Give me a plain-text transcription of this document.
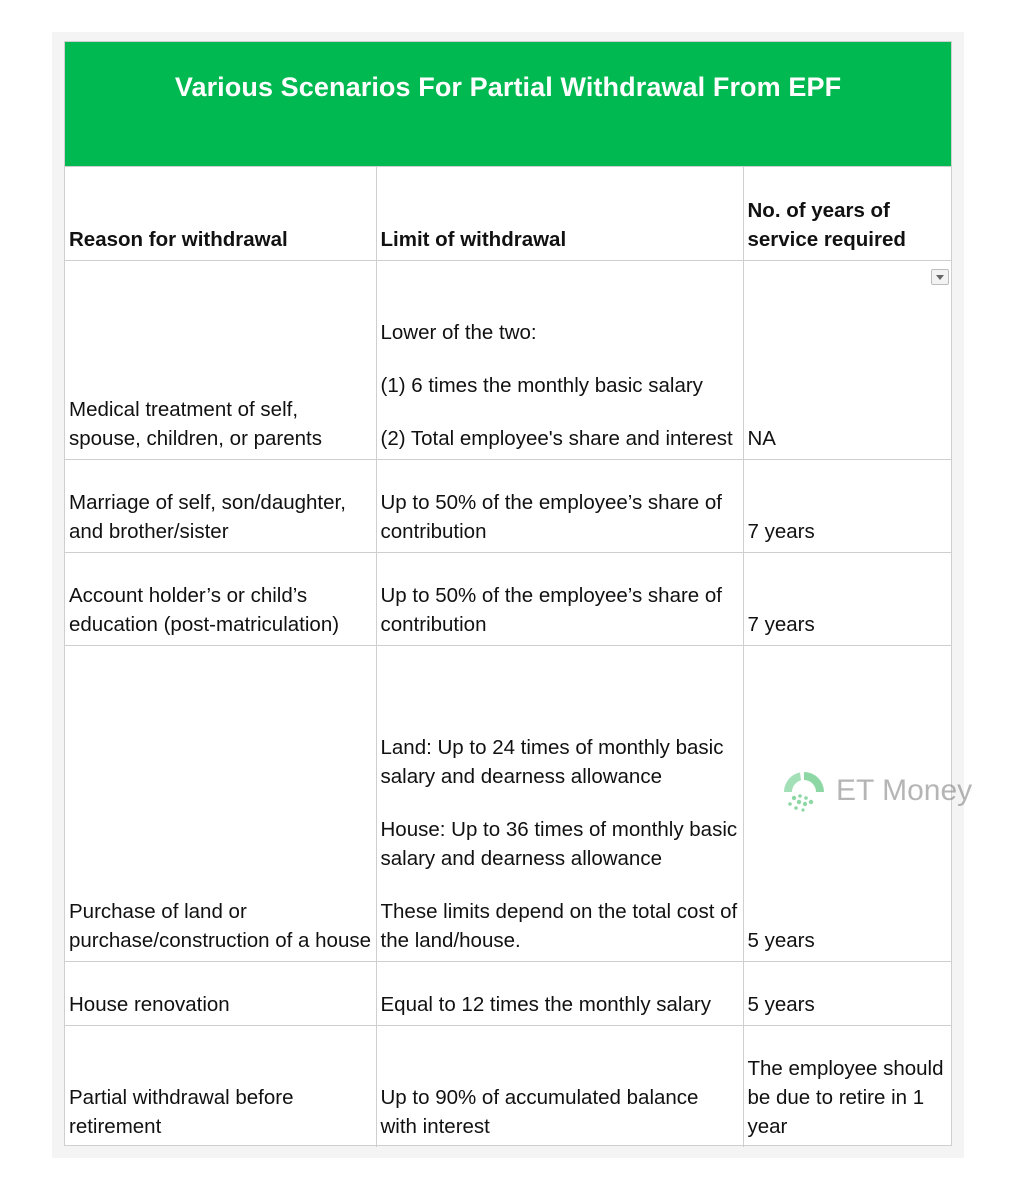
Various Scenarios For Partial Withdrawal From EPF
Reason for withdrawal	Limit of withdrawal	No. of years of service required
Medical treatment of self, spouse, children, or parents	Lower of the two:
(1) 6 times the monthly basic salary
(2) Total employee's share and interest	NA
Marriage of self, son/daughter, and brother/sister	Up to 50% of the employee’s share of contribution	7 years
Account holder’s or child’s education (post-matriculation)	Up to 50% of the employee’s share of contribution	7 years
Purchase of land or purchase/construction of a house	Land: Up to 24 times of monthly basic salary and dearness allowance
House: Up to 36 times of monthly basic salary and dearness allowance
These limits depend on the total cost of the land/house.	5 years
House renovation	Equal to 12 times the monthly salary	5 years
Partial withdrawal before retirement	Up to 90% of accumulated balance with interest	The employee should be due to retire in 1 year
ET Money
